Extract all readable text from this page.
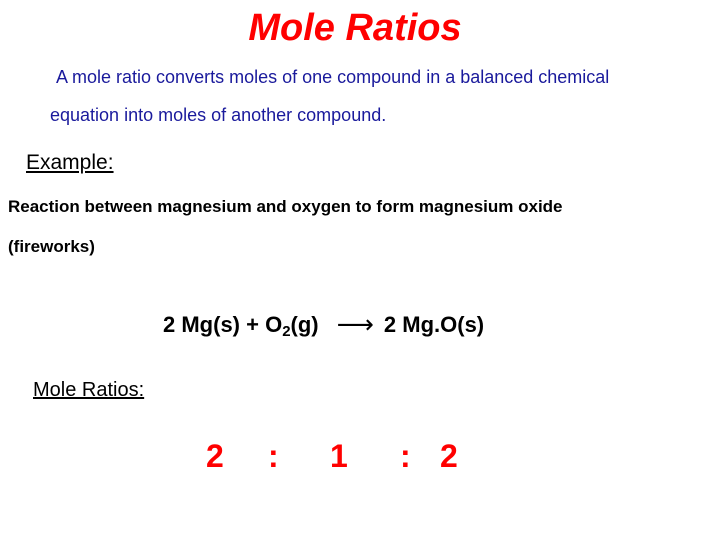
Mole Ratios
A mole ratio converts moles of one compound in a balanced chemical
equation into moles of another compound.
Example:
Reaction between magnesium and oxygen to form magnesium oxide
(fireworks)
2 $Mg(s) + O_2(g)$ ⟶ 2 Mg.O(s)
Mole Ratios:
2 : 1 : 2
